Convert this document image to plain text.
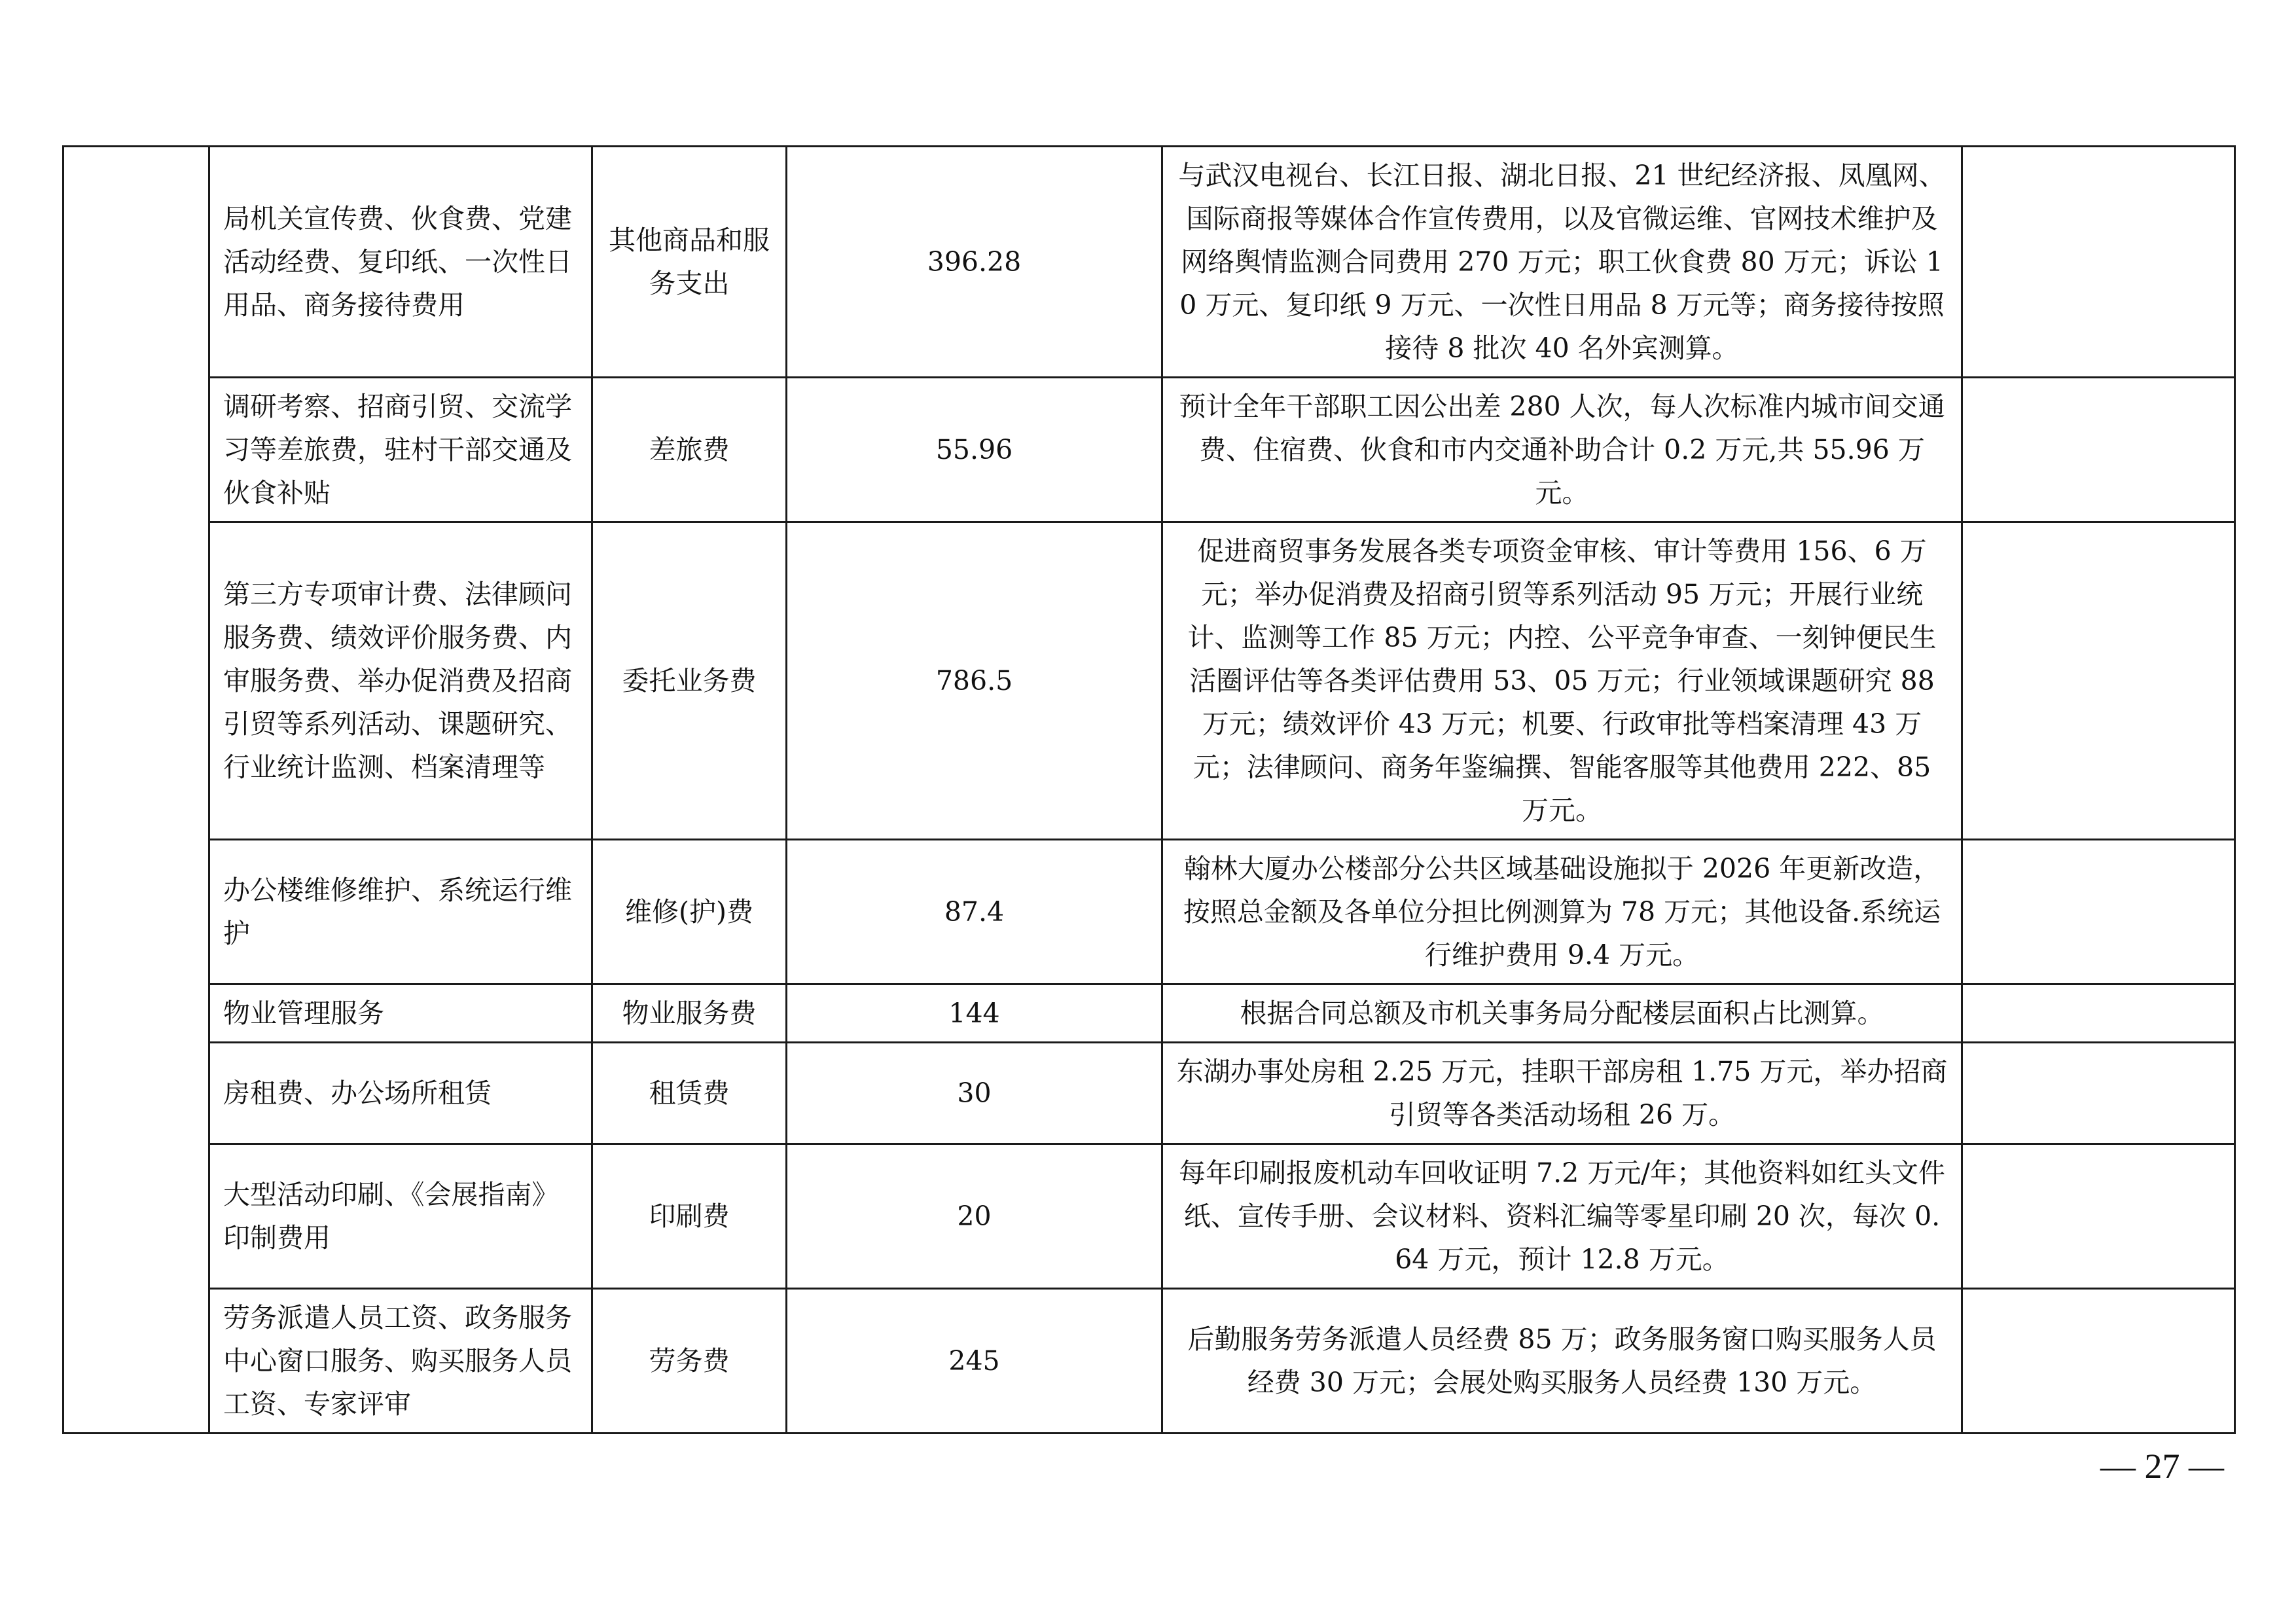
	局机关宣传费、伙食费、党建活动经费、复印纸、一次性日用品、商务接待费用	其他商品和服务支出	396.28	与武汉电视台、长江日报、湖北日报、21 世纪经济报、凤凰网、国际商报等媒体合作宣传费用，以及官微运维、官网技术维护及网络舆情监测合同费用 270 万元；职工伙食费 80 万元；诉讼 10 万元、复印纸 9 万元、一次性日用品 8 万元等；商务接待按照接待 8 批次 40 名外宾测算。	
	调研考察、招商引贸、交流学习等差旅费，驻村干部交通及伙食补贴	差旅费	55.96	预计全年干部职工因公出差 280 人次，每人次标准内城市间交通费、住宿费、伙食和市内交通补助合计 0.2 万元,共 55.96 万元。	
	第三方专项审计费、法律顾问服务费、绩效评价服务费、内审服务费、举办促消费及招商引贸等系列活动、课题研究、行业统计监测、档案清理等	委托业务费	786.5	促进商贸事务发展各类专项资金审核、审计等费用 156、6 万元；举办促消费及招商引贸等系列活动 95 万元；开展行业统计、监测等工作 85 万元；内控、公平竞争审查、一刻钟便民生活圈评估等各类评估费用 53、05 万元；行业领域课题研究 88 万元；绩效评价 43 万元；机要、行政审批等档案清理 43 万元；法律顾问、商务年鉴编撰、智能客服等其他费用 222、85 万元。	
	办公楼维修维护、系统运行维护	维修(护)费	87.4	翰林大厦办公楼部分公共区域基础设施拟于 2026 年更新改造，按照总金额及各单位分担比例测算为 78 万元；其他设备.系统运行维护费用 9.4 万元。	
	物业管理服务	物业服务费	144	根据合同总额及市机关事务局分配楼层面积占比测算。	
	房租费、办公场所租赁	租赁费	30	东湖办事处房租 2.25 万元，挂职干部房租 1.75 万元，举办招商引贸等各类活动场租 26 万。	
	大型活动印刷、《会展指南》印制费用	印刷费	20	每年印刷报废机动车回收证明 7.2 万元/年；其他资料如红头文件纸、宣传手册、会议材料、资料汇编等零星印刷 20 次，每次 0.64 万元，预计 12.8 万元。	
	劳务派遣人员工资、政务服务中心窗口服务、购买服务人员工资、专家评审	劳务费	245	后勤服务劳务派遣人员经费 85 万；政务服务窗口购买服务人员经费 30 万元；会展处购买服务人员经费 130 万元。	
— 27 —
